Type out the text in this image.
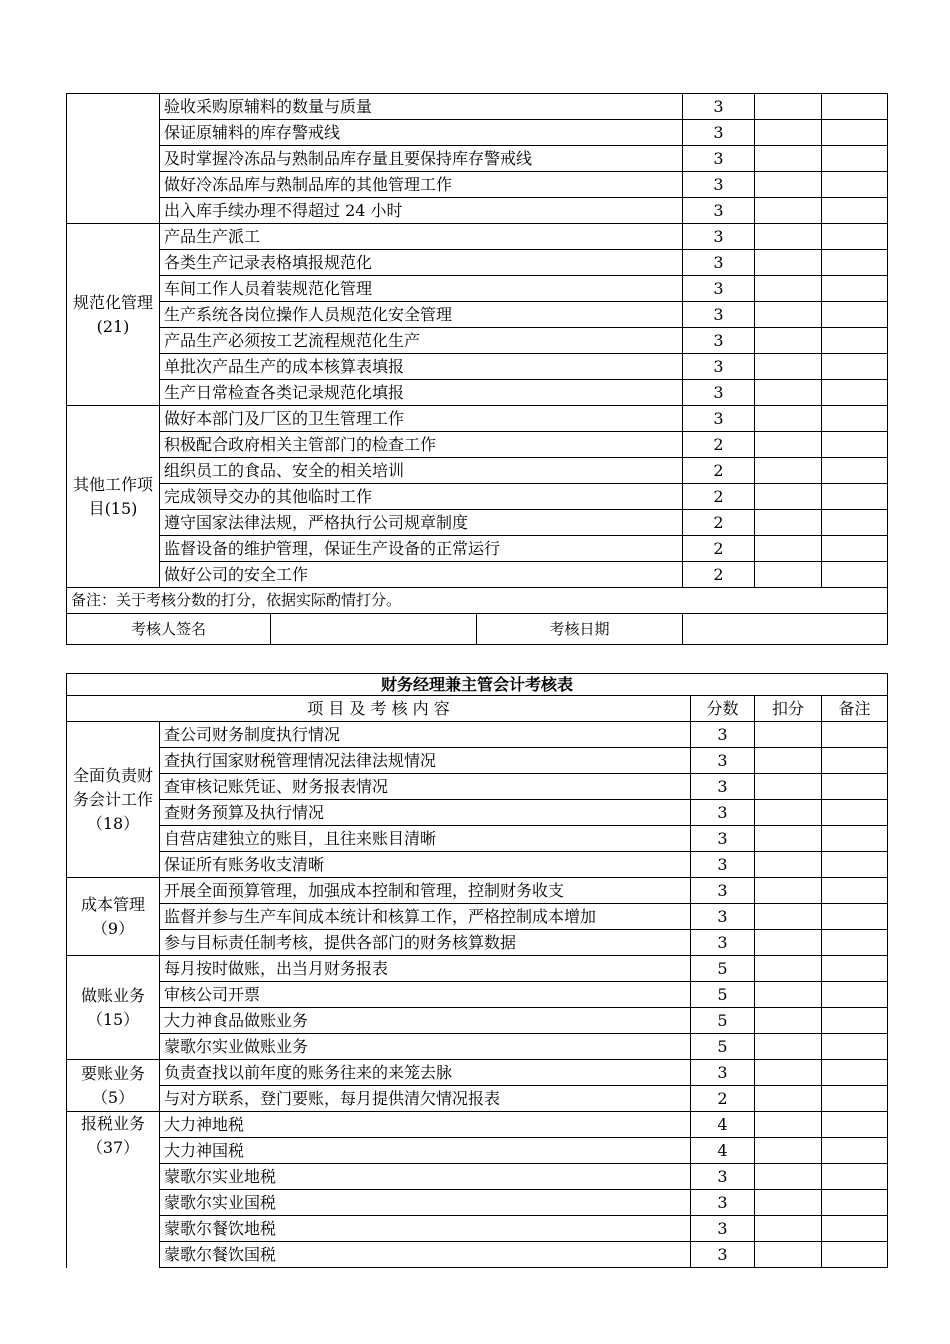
	验收采购原辅料的数量与质量			3		
	保证原辅料的库存警戒线			3		
	及时掌握冷冻品与熟制品库存量且要保持库存警戒线			3		
	做好冷冻品库与熟制品库的其他管理工作			3		
	出入库手续办理不得超过 24 小时			3		
规范化管理(21)	产品生产派工			3		
	各类生产记录表格填报规范化			3		
	车间工作人员着装规范化管理			3		
	生产系统各岗位操作人员规范化安全管理			3		
	产品生产必须按工艺流程规范化生产			3		
	单批次产品生产的成本核算表填报			3		
	生产日常检查各类记录规范化填报			3		
其他工作项目(15)	做好本部门及厂区的卫生管理工作			3		
	积极配合政府相关主管部门的检查工作			2		
	组织员工的食品、安全的相关培训			2		
	完成领导交办的其他临时工作			2		
	遵守国家法律法规，严格执行公司规章制度			2		
	监督设备的维护管理，保证生产设备的正常运行			2		
	做好公司的安全工作			2		
备注：关于考核分数的打分，依据实际酌情打分。						
考核人签名			考核日期			
财务经理兼主管会计考核表				
项 目 及 考 核 内 容		分数	扣分	备注
全面负责财务会计工作（18）	查公司财务制度执行情况	3		
	查执行国家财税管理情况法律法规情况	3		
	查审核记账凭证、财务报表情况	3		
	查财务预算及执行情况	3		
	自营店建独立的账目，且往来账目清晰	3		
	保证所有账务收支清晰	3		
成本管理（9）	开展全面预算管理，加强成本控制和管理，控制财务收支	3		
	监督并参与生产车间成本统计和核算工作，严格控制成本增加	3		
	参与目标责任制考核，提供各部门的财务核算数据	3		
做账业务（15）	每月按时做账，出当月财务报表	5		
	审核公司开票	5		
	大力神食品做账业务	5		
	蒙歌尔实业做账业务	5		
要账业务（5）	负责查找以前年度的账务往来的来笼去脉	3		
	与对方联系，登门要账，每月提供清欠情况报表	2		
报税业务（37）	大力神地税	4		
	大力神国税	4		
	蒙歌尔实业地税	3		
	蒙歌尔实业国税	3		
	蒙歌尔餐饮地税	3		
	蒙歌尔餐饮国税	3		
